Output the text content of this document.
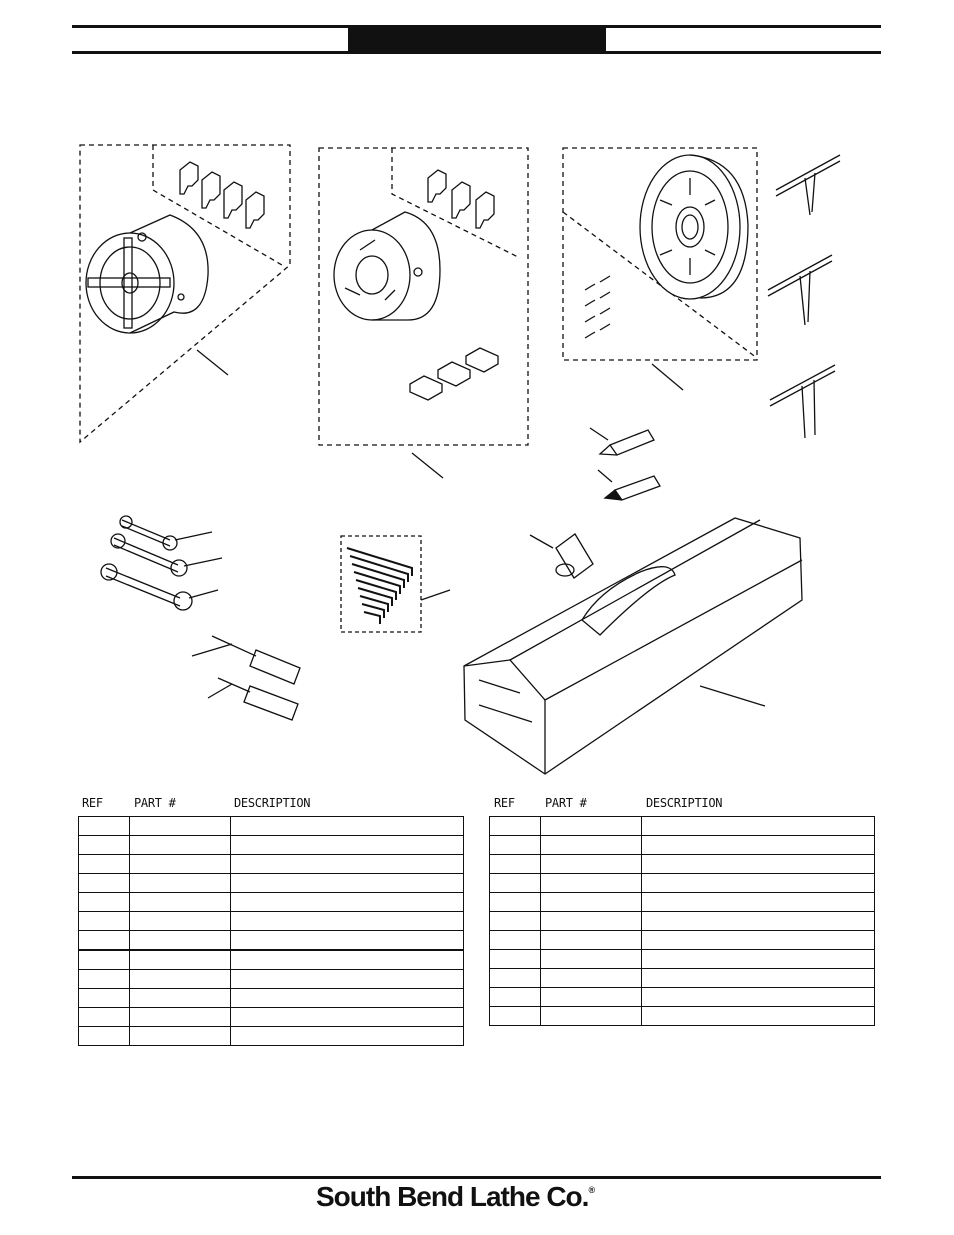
REF	PART #	DESCRIPTION

			REF	PART #	DESCRIPTION

South Bend Lathe Co.®
